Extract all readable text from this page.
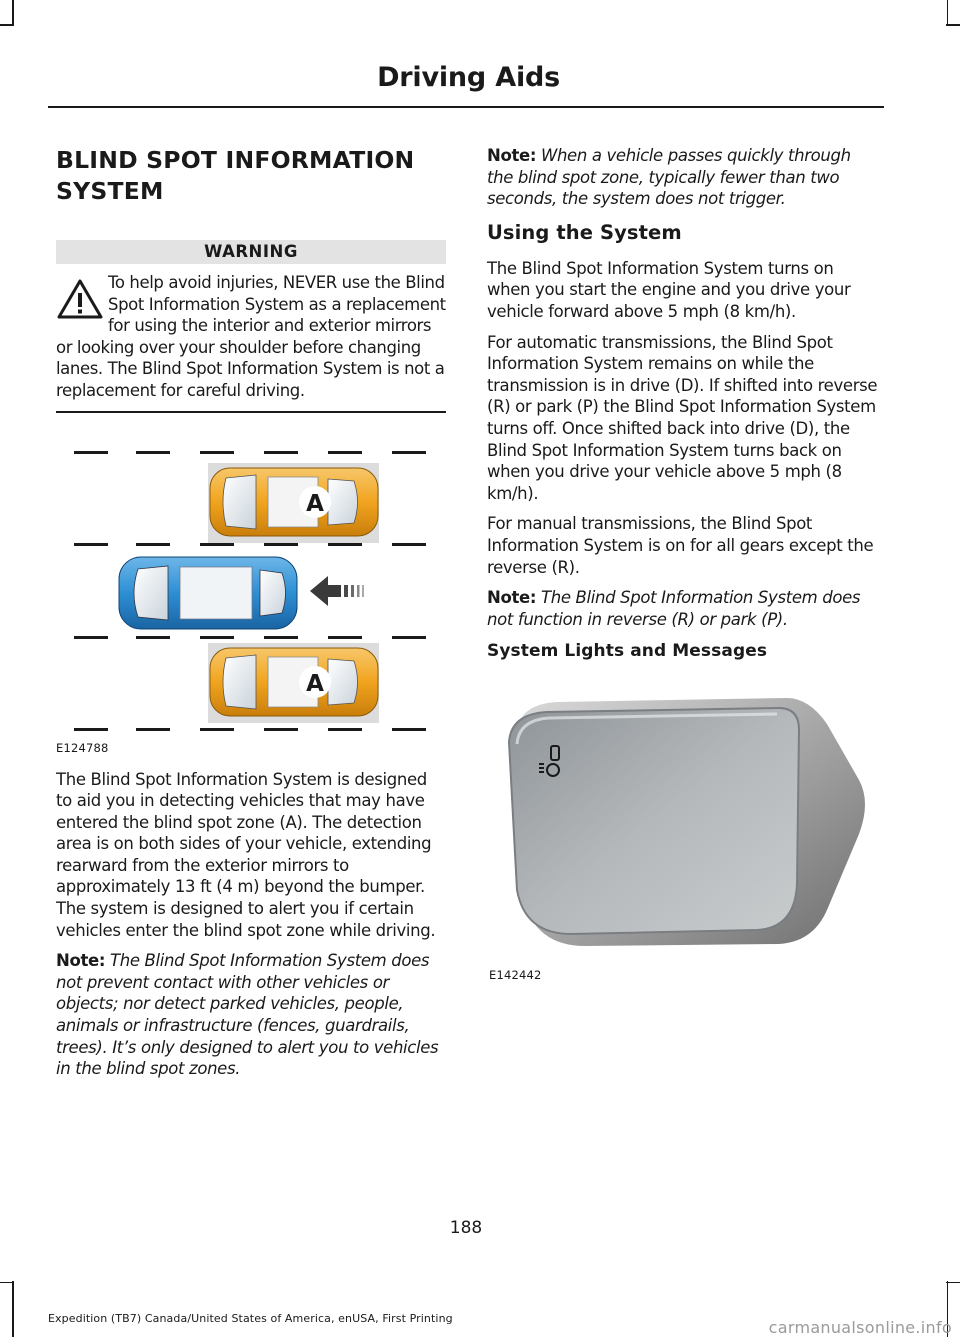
Driving Aids
BLIND SPOT INFORMATION SYSTEM
WARNING
To help avoid injuries, NEVER use the Blind Spot Information System as a replacement for using the interior and exterior mirrors or looking over your shoulder before changing lanes. The Blind Spot Information System is not a replacement for careful driving.
A
A
E124788

The Blind Spot Information System is designed to aid you in detecting vehicles that may have entered the blind spot zone (A). The detection area is on both sides of your vehicle, extending rearward from the exterior mirrors to approximately 13 ft (4 m) beyond the bumper. The system is designed to alert you if certain vehicles enter the blind spot zone while driving.

Note: The Blind Spot Information System does not prevent contact with other vehicles or objects; nor detect parked vehicles, people, animals or infrastructure (fences, guardrails, trees). It’s only designed to alert you to vehicles in the blind spot zones.

Note: When a vehicle passes quickly through the blind spot zone, typically fewer than two seconds, the system does not trigger.

Using the System

The Blind Spot Information System turns on when you start the engine and you drive your vehicle forward above 5 mph (8 km/h).

For automatic transmissions, the Blind Spot Information System remains on while the transmission is in drive (D). If shifted into reverse (R) or park (P) the Blind Spot Information System turns off. Once shifted back into drive (D), the Blind Spot Information System turns back on when you drive your vehicle above 5 mph (8 km/h).

For manual transmissions, the Blind Spot Information System is on for all gears except the reverse (R).

Note: The Blind Spot Information System does not function in reverse (R) or park (P).

System Lights and Messages
E142442
188
Expedition (TB7) Canada/United States of America, enUSA, First Printing	carmanualsonline.info
